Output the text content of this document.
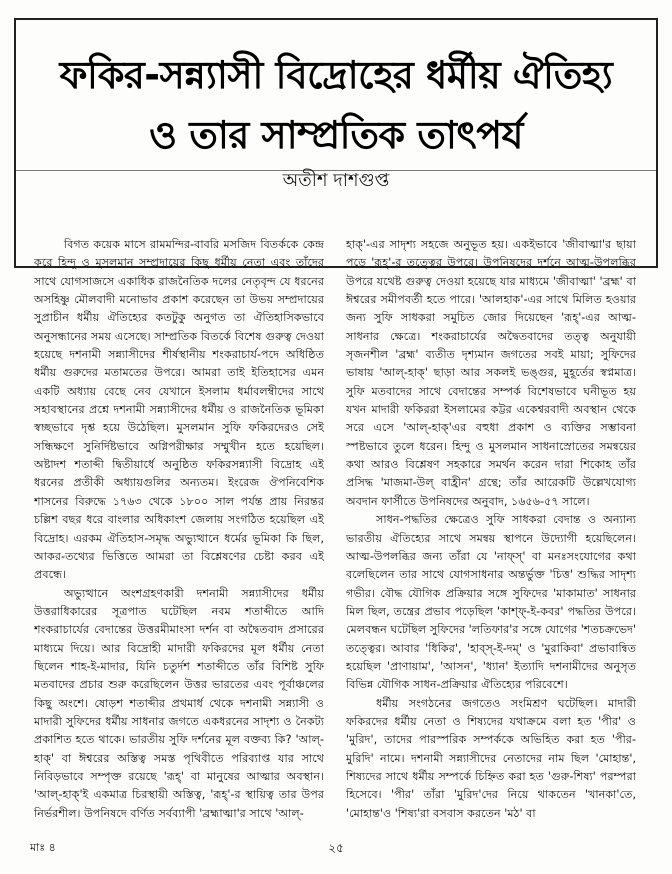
ফকির-সন্ন্যাসী বিদ্রোহের ধর্মীয় ঐতিহ্য
ও তার সাম্প্রতিক তাৎপর্য
অতীশ দাশগুপ্ত

বিগত কয়েক মাসে রামমন্দির-বাবরি মসজিদ বিতর্ককে কেন্দ্র করে হিন্দু ও মুসলমান সম্প্রদায়ের কিছু ধর্মীয় নেতা এবং তাঁদের সাথে যোগসাজসে একাধিক রাজনৈতিক দলের নেতৃবৃন্দ যে ধরনের অসহিষ্ণু মৌলবাদী মনোভাব প্রকাশ করেছেন তা উভয় সম্প্রদায়ের সুপ্রাচীন ধর্মীয় ঐতিহ্যের কতটুকু অনুগত তা ঐতিহাসিকভাবে অনুসন্ধানের সময় এসেছে। সাম্প্রতিক বিতর্কে বিশেষ গুরুত্ব দেওয়া হয়েছে দশনামী সন্ন্যাসীদের শীর্ষস্থানীয় শংকরাচার্য-পদে অধিষ্ঠিত ধর্মীয় গুরুদের মতামতের উপরে। আমরা তাই ইতিহাসের এমন একটি অধ্যায় বেছে নেব যেখানে ইসলাম ধর্মাবলম্বীদের সাথে সহাবস্থানের প্রশ্নে দশনামী সন্ন্যাসীদের ধর্মীয় ও রাজনৈতিক ভূমিকা স্বচ্ছভাবে দৃশ্ত হয়ে উঠেছিল। মুসলমান সুফি ফকিরদেরও সেই সন্ধিক্ষণে সুনির্দিষ্টভাবে অগ্নিপরীক্ষার সম্মুখীন হতে হয়েছিল। অষ্টাদশ শতাব্দী দ্বিতীয়ার্ধে অনুষ্ঠিত ফকিরসন্ন্যাসী বিদ্রোহ এই ধরনের প্রতীকী অধ্যায়গুলির অন্যতম। ইংরেজ ঔপনিবেশিক শাসনের বিরুদ্ধে ১৭৬৩ থেকে ১৮০০ সাল পর্যন্ত প্রায় নিরন্তর চল্লিশ বছর ধরে বাংলার অধিকাংশ জেলায় সংগঠিত হয়েছিল এই বিদ্রোহ। এরকম ঐতিহাস-সমৃদ্ধ অভ্যুত্থানে ধর্মের ভূমিকা কি ছিল, আকর-তথ্যের ভিত্তিতে আমরা তা বিশ্লেষণের চেষ্টা করব এই প্রবন্ধে।

অভ্যুত্থানে অংশগ্রহণকারী দশনামী সন্ন্যাসীদের ধর্মীয় উত্তরাধিকারের সূত্রপাত ঘটেছিল নবম শতাব্দীতে আদি শংকরাচার্যের বেদান্তের উত্তরমীমাংসা দর্শন বা অদ্বৈতবাদ প্রসারের মাধ্যমে দিয়ে। আর বিদ্রোহী মাদারী ফকিরদের মূল ধর্মীয় নেতা ছিলেন শাহ-ই-মাদার, যিনি চতুর্দশ শতাব্দীতে তাঁর বিশিষ্ট সুফি মতবাদের প্রচার শুরু করেছিলেন উত্তর ভারতের এবং পূর্বাঞ্চলের কিছু অংশে। ষোড়শ শতাব্দীর প্রথমার্ধ থেকে দশনামী সন্ন্যাসী ও মাদারী সুফিদের ধর্মীয় সাধনার জগতে একধরনের সাদৃশ্য ও নৈকট্য প্রকাশিত হতে থাকে। ভারতীয় সুফি দর্শনের মূল বক্তব্য কি? 'আল্-হাক্' বা ঈশ্বরের অস্তিত্ব সমস্ত পৃথিবীতে পরিব্যাপ্ত যার সাথে নিবিড়ভাবে সম্পৃক্ত রয়েছে 'রূহ্' বা মানুষের আত্মার অবস্থান। 'আল্-হাক্'ই একমাত্র চিরস্থায়ী অস্তিত্ব, 'রূহ্'-র স্থায়িত্ব তার উপর নির্ভরশীল। উপনিষদে বর্ণিত সর্বব্যাপী 'ব্রহ্মাত্মা'র সাথে 'আল্-

হাক্'-এর সাদৃশ্য সহজে অনুভূত হয়। একইভাবে 'জীবাত্মা'র ছায়া পড়ে 'রূহ্'-র তত্ত্বের উপরে। উপনিষদের দর্শনে আত্ম-উপলব্ধির উপরে যথেষ্ট গুরুত্ব দেওয়া হয়েছে যার মাধ্যমে 'জীবাত্মা' 'ব্রহ্ম' বা ঈশ্বরের সমীপবর্তী হতে পারে। 'আলহাক'-এর সাথে মিলিত হওয়ার জন্য সুফি সাধকরা সমুচিত জোর দিয়েছেন 'রূহ্'-এর আত্ম-সাধনার ক্ষেত্রে। শংকরাচার্যের অদ্বৈতবাদের তত্ত্ব অনুযায়ী সৃজনশীল 'ব্রহ্ম' ব্যতীত দৃশ্যমান জগতের সবই মায়া; সুফিদের ভাষায় 'আল্-হাক্' ছাড়া আর সকলই ভঙ্গুর, মুহূর্তের স্বপ্নমাত্র। সুফি মতবাদের সাথে বেদান্তের সম্পর্ক বিশেষভাবে ঘনীভূত হয় যখন মাদারী ফকিররা ইসলামের কট্টর একেশ্বরবাদী অবস্থান থেকে সরে এসে 'আল্-হাক্'এর বহুধা প্রকাশ ও ব্যক্তির সম্ভাবনা স্পষ্টভাবে তুলে ধরেন। হিন্দু ও মুসলমান সাধনাস্রোতের সমন্বয়ের কথা আরও বিশ্লেষণ সহকারে সমর্থন করেন দারা শিকোহ তাঁর প্রসিদ্ধ 'মাজমা-উল্ বাহ্রীন' গ্রন্থে; তাঁর আরেকটি উল্লেখযোগ্য অবদান ফার্সীতে উপনিষদের অনুবাদ, ১৬৫৬-৫৭ সালে।

সাধন-পদ্ধতির ক্ষেত্রেও সুফি সাধকরা বেদান্ত ও অন্যান্য ভারতীয় ঐতিহ্যের সাথে সমন্বয় স্থাপনে উদ্যোগী হয়েছিলেন। আত্ম-উপলব্ধির জন্য তাঁরা যে 'নাফ্স্' বা মনঃসংযোগের কথা বলেছিলেন তার সাথে যোগসাধনার অন্তর্ভুক্ত 'চিত্ত' শুদ্ধির সাদৃশ্য গভীর। বৌদ্ধ যৌগিক প্রক্রিয়ার সঙ্গে সুফিদের 'মাকামাত' সাধনার মিল ছিল, তন্ত্রের প্রভাব পড়েছিল 'কাশ্ফ্-ই-কবর' পদ্ধতির উপরে। মেলবন্ধন ঘটেছিল সুফিদের 'লতিফার'র সঙ্গে যোগের 'শতচক্রভেদ' তত্ত্বের। আবার 'ধিকির', 'হাব্স্-ই-দম্' ও 'মুরাকিবা' প্রভাবান্বিত হয়েছিল 'প্রাণায়াম', 'আসন', 'ধ্যান' ইত্যাদি দশনামীদের অনুসৃত বিভিন্ন যৌগিক সাধন-প্রক্রিয়ার ঐতিহ্যের পরিবেশে।

ধর্মীয় সংগঠনের জগতেও সংমিশ্রণ ঘটেছিল। মাদারী ফকিরদের ধর্মীয় নেতা ও শিষ্যদের যথাক্রমে বলা হত 'পীর' ও 'মুরিদ', তাদের পারস্পরিক সম্পর্ককে অভিহিত করা হত 'পীর-মুরিদি' নামে। দশনামী সন্ন্যাসীদের নেতাদের নাম ছিল 'মোহান্ত', শিষ্যদের সাথে ধর্মীয় সম্পর্কে চিহ্নিত করা হত 'গুরু-শিষ্য' পরম্পরা হিসেবে। 'পীর' তাঁরা 'মুরিদ'দের নিয়ে থাকতেন 'খানকা'তে, 'মোহান্ত'ও 'শিষ্য'রা বসবাস করতেন 'মঠ' বা

মাঃ ৪	২৫
